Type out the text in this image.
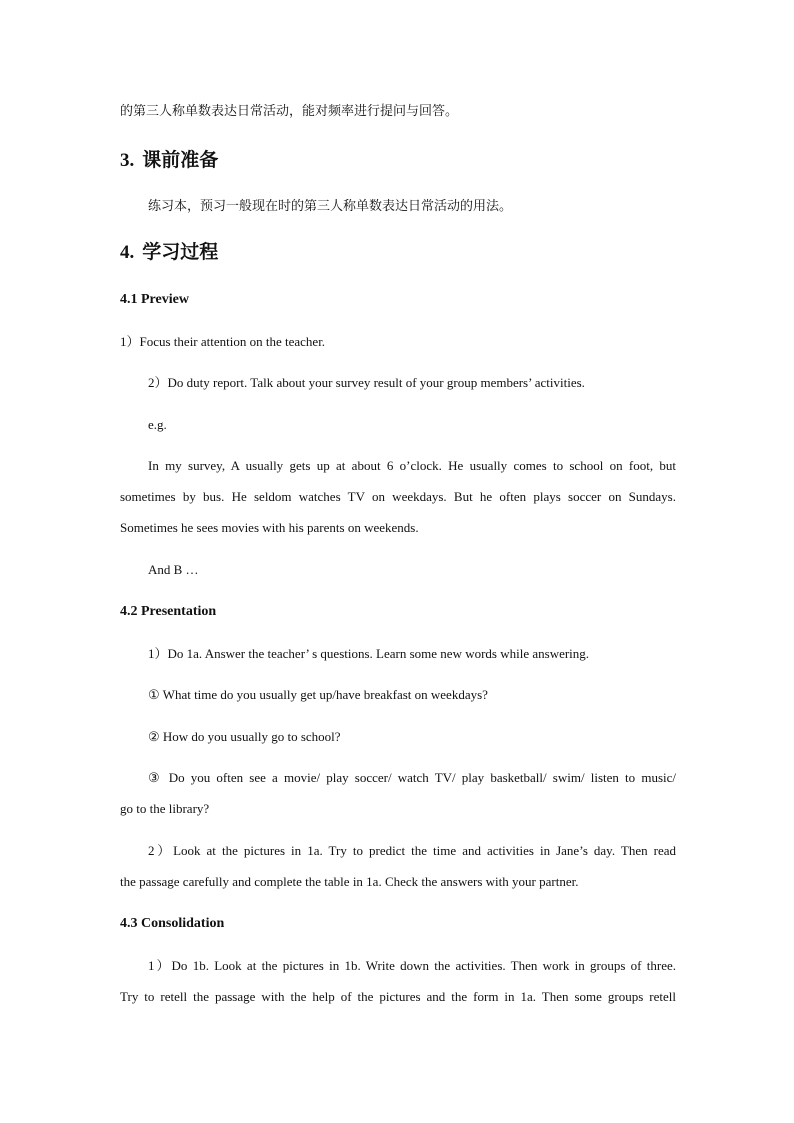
的第三人称单数表达日常活动，能对频率进行提问与回答。
3. 课前准备
练习本，预习一般现在时的第三人称单数表达日常活动的用法。
4. 学习过程
4.1 Preview
1）Focus their attention on the teacher.
2）Do duty report. Talk about your survey result of your group members’ activities.
e.g.
In my survey, A usually gets up at about 6 o’clock. He usually comes to school on foot, but
sometimes by bus. He seldom watches TV on weekdays. But he often plays soccer on Sundays.
Sometimes he sees movies with his parents on weekends.
And B …
4.2 Presentation
1）Do 1a. Answer the teacher’ s questions. Learn some new words while answering.
① What time do you usually get up/have breakfast on weekdays?
② How do you usually go to school?
③ Do you often see a movie/ play soccer/ watch TV/ play basketball/ swim/ listen to music/
go to the library?
2）Look at the pictures in 1a. Try to predict the time and activities in Jane’s day. Then read
the passage carefully and complete the table in 1a. Check the answers with your partner.
4.3 Consolidation
1）Do 1b. Look at the pictures in 1b. Write down the activities. Then work in groups of three.
Try to retell the passage with the help of the pictures and the form in 1a. Then some groups retell
